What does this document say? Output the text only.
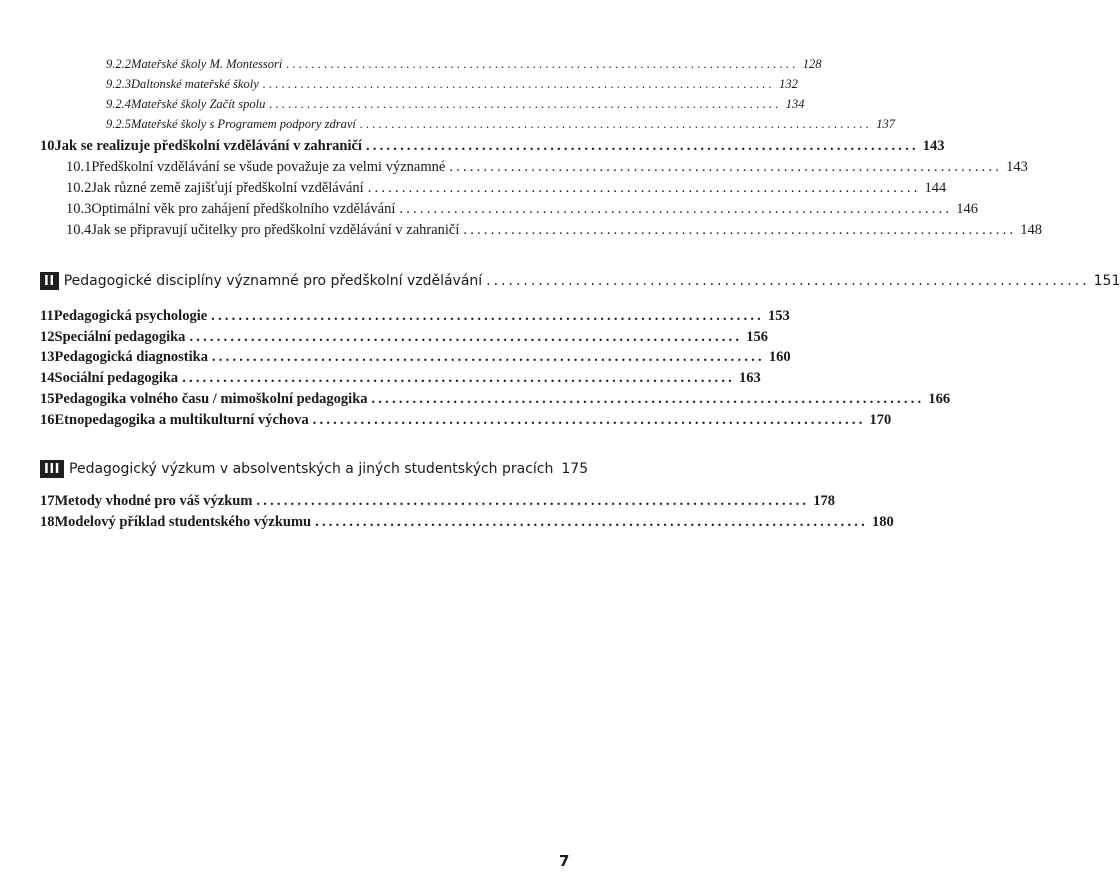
9.2.2 Mateřské školy M. Montessori ................................................................................. 128
9.2.3 Daltonské mateřské školy ................................................................................. 132
9.2.4 Mateřské školy Začít spolu ................................................................................. 134
9.2.5 Mateřské školy s Programem podpory zdraví ................................................................................. 137
10 Jak se realizuje předškolní vzdělávání v zahraničí ................................................................................. 143
10.1 Předškolní vzdělávání se všude považuje za velmi významné ................................................................................. 143
10.2 Jak různé země zajišťují předškolní vzdělávání ................................................................................. 144
10.3 Optimální věk pro zahájení předškolního vzdělávání ................................................................................. 146
10.4 Jak se připravují učitelky pro předškolní vzdělávání v zahraničí ................................................................................. 148
II Pedagogické disciplíny významné pro předškolní vzdělávání ................................................................................. 151
11 Pedagogická psychologie ................................................................................. 153
12 Speciální pedagogika ................................................................................. 156
13 Pedagogická diagnostika ................................................................................. 160
14 Sociální pedagogika ................................................................................. 163
15 Pedagogika volného času / mimoškolní pedagogika ................................................................................. 166
16 Etnopedagogika a multikulturní výchova ................................................................................. 170
III Pedagogický výzkum v absolventských a jiných studentských pracích 175
17 Metody vhodné pro váš výzkum ................................................................................. 178
18 Modelový příklad studentského výzkumu ................................................................................. 180
7
